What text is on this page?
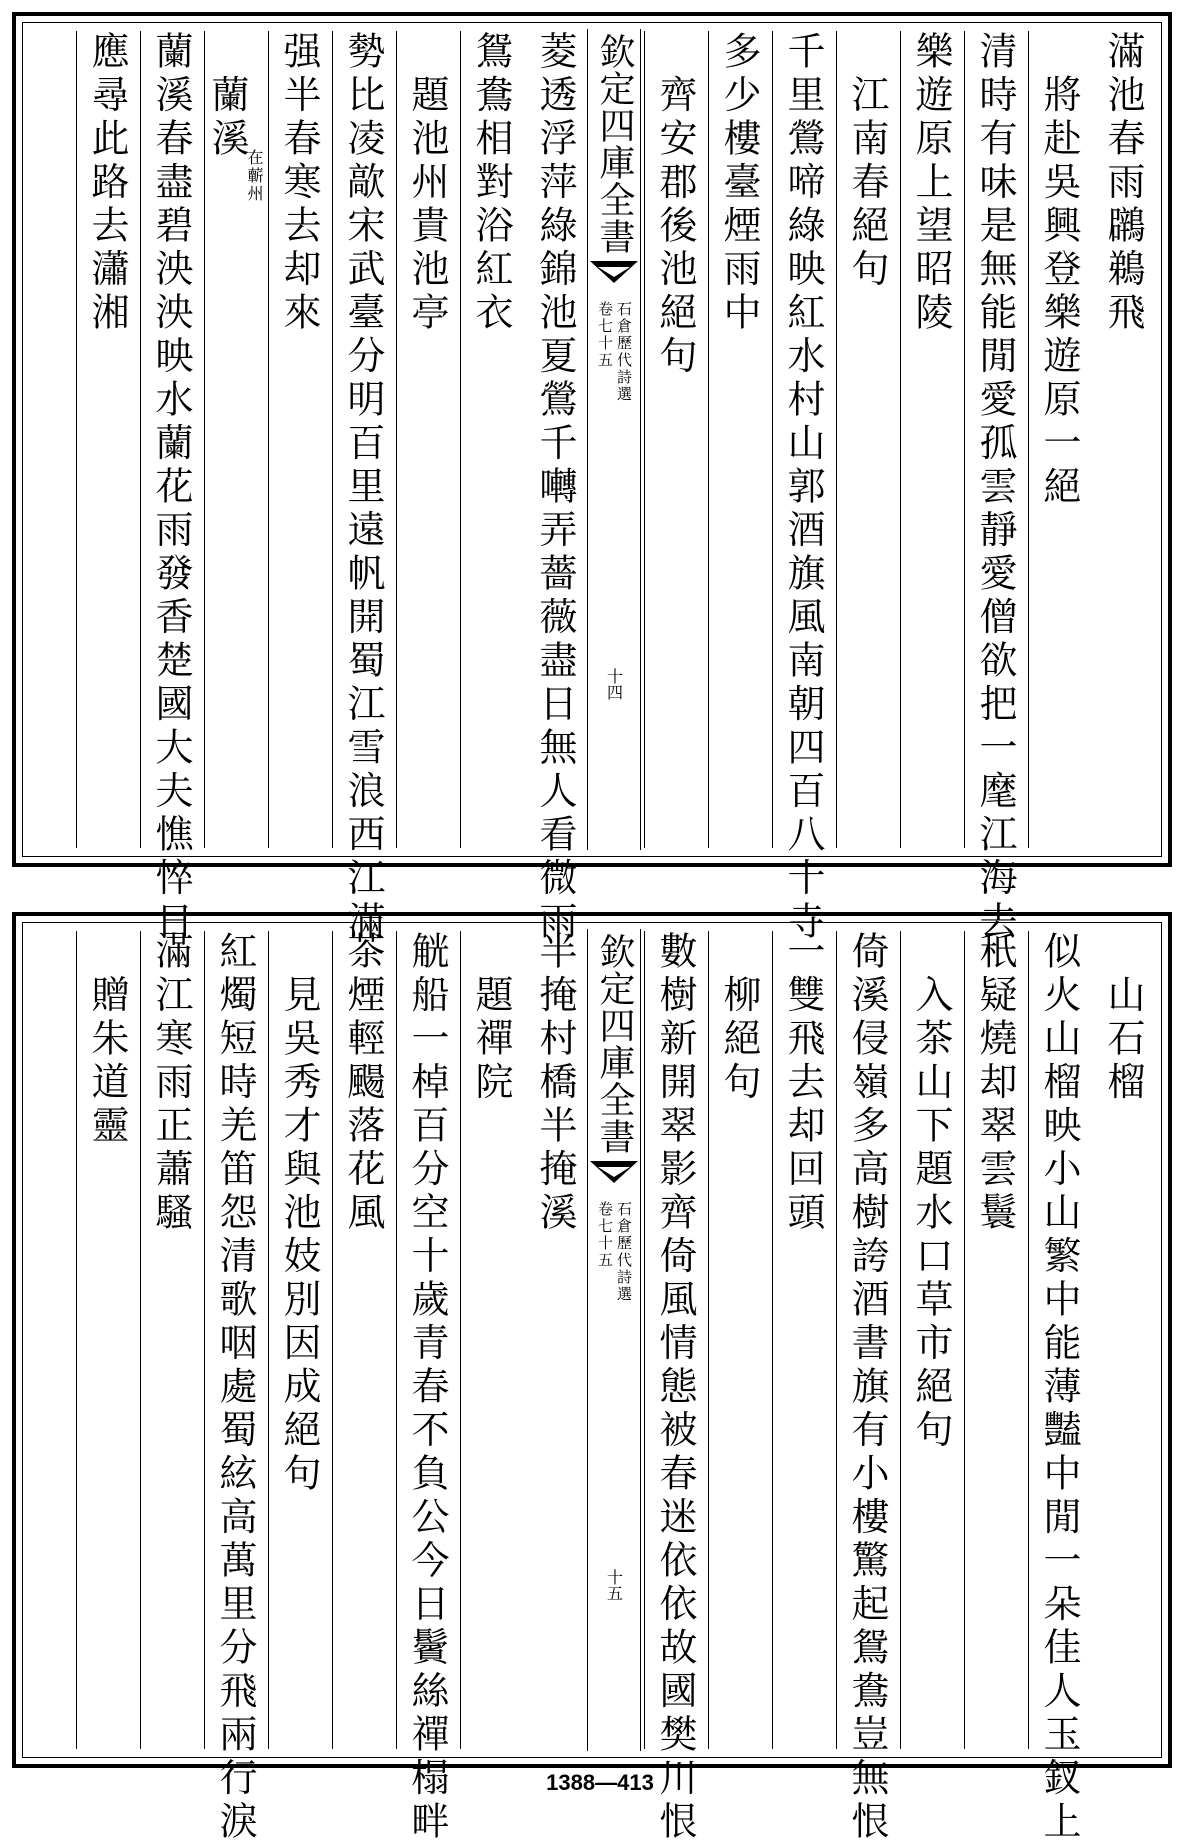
滿池春雨鸊鵜飛
　將赴吳興登樂遊原一絕
清時有味是無能閒愛孤雲靜愛僧欲把一麾江海去
樂遊原上望昭陵
　江南春絕句
千里鶯啼綠映紅水村山郭酒旗風南朝四百八十寺
多少樓臺煙雨中
　齊安郡後池絕句
欽定四庫全書
石倉歷代詩選
卷七十五
十四
菱透浮萍綠錦池夏鶯千囀弄薔薇盡日無人看微雨
鴛鴦相對浴紅衣
　題池州貴池亭
勢比凌歊宋武臺分明百里遠帆開蜀江雪浪西江滿
强半春寒去却來
　蘭溪
在蘄州
蘭溪春盡碧泱泱映水蘭花雨發香楚國大夫憔悴日
應尋此路去瀟湘
　山石榴
似火山榴映小山繁中能薄豔中閒一朵佳人玉釵上
秖疑燒却翠雲鬟
　入茶山下題水口草市絕句
倚溪侵嶺多高樹誇酒書旗有小樓驚起鴛鴦豈無恨
一雙飛去却回頭
　柳絕句
數樹新開翠影齊倚風情態被春迷依依故國樊川恨
欽定四庫全書
石倉歷代詩選
卷七十五
十五
半掩村橋半掩溪
　題禪院
觥船一棹百分空十歲青春不負公今日鬢絲禪榻畔
茶煙輕颺落花風
　見吳秀才與池妓別因成絕句
紅燭短時羌笛怨清歌咽處蜀絃高萬里分飛兩行淚
滿江寒雨正蕭騷
　贈朱道靈
1388—413
